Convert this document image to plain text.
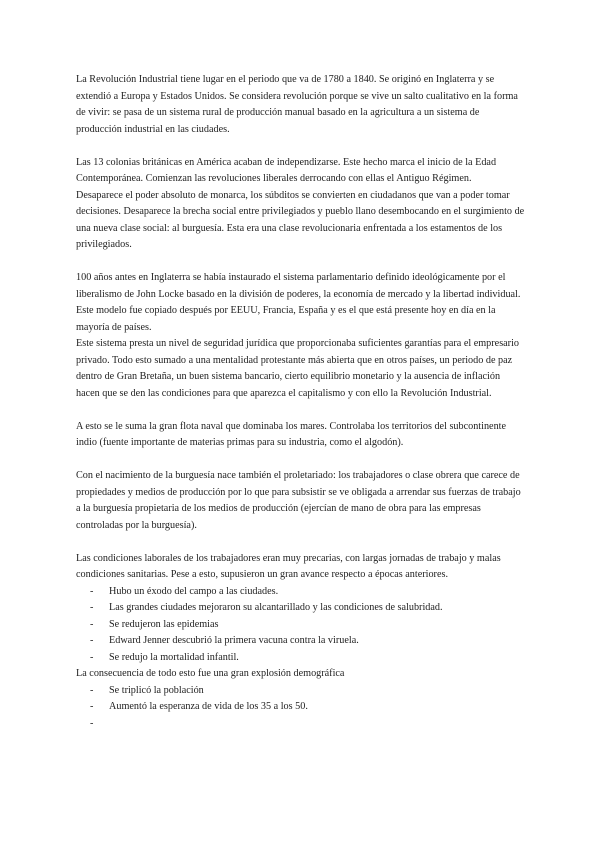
La Revolución Industrial tiene lugar en el periodo que va de 1780 a 1840. Se originó en Inglaterra y se
extendió a Europa y Estados Unidos. Se considera revolución porque se vive un salto cualitativo en la forma
de vivir: se pasa de un sistema rural de producción manual basado en la agricultura a un sistema de
producción industrial en las ciudades.

Las 13 colonias británicas en América acaban de independizarse. Este hecho marca el inicio de la Edad
Contemporánea. Comienzan las revoluciones liberales derrocando con ellas el Antiguo Régimen.
Desaparece el poder absoluto de monarca, los súbditos se convierten en ciudadanos que van a poder tomar
decisiones. Desaparece la brecha social entre privilegiados y pueblo llano desembocando en el surgimiento de
una nueva clase social: al burguesía. Esta era una clase revolucionaria enfrentada a los estamentos de los
privilegiados.

100 años antes en Inglaterra se había instaurado el sistema parlamentario definido ideológicamente por el
liberalismo de John Locke basado en la división de poderes, la economía de mercado y la libertad individual.
Este modelo fue copiado después por EEUU, Francia, España y es el que está presente hoy en día en la
mayoría de países.
Este sistema presta un nivel de seguridad jurídica que proporcionaba suficientes garantías para el empresario
privado. Todo esto sumado a una mentalidad protestante más abierta que en otros países, un periodo de paz
dentro de Gran Bretaña, un buen sistema bancario, cierto equilibrio monetario y la ausencia de inflación
hacen que se den las condiciones para que aparezca el capitalismo y con ello la Revolución Industrial.

A esto se le suma la gran flota naval que dominaba los mares. Controlaba los territorios del subcontinente
indio (fuente importante de materias primas para su industria, como el algodón).

Con el nacimiento de la burguesía nace también el proletariado: los trabajadores o clase obrera que carece de
propiedades y medios de producción por lo que para subsistir se ve obligada a arrendar sus fuerzas de trabajo
a la burguesía propietaria de los medios de producción (ejercían de mano de obra para las empresas
controladas por la burguesía).

Las condiciones laborales de los trabajadores eran muy precarias, con largas jornadas de trabajo y malas
condiciones sanitarias. Pese a esto, supusieron un gran avance respecto a épocas anteriores.

- Hubo un éxodo del campo a las ciudades.
- Las grandes ciudades mejoraron su alcantarillado y las condiciones de salubridad.
- Se redujeron las epidemias
- Edward Jenner descubrió la primera vacuna contra la viruela.
- Se redujo la mortalidad infantil.

La consecuencia de todo esto fue una gran explosión demográfica

- Se triplicó la población
- Aumentó la esperanza de vida de los 35 a los 50.
-
